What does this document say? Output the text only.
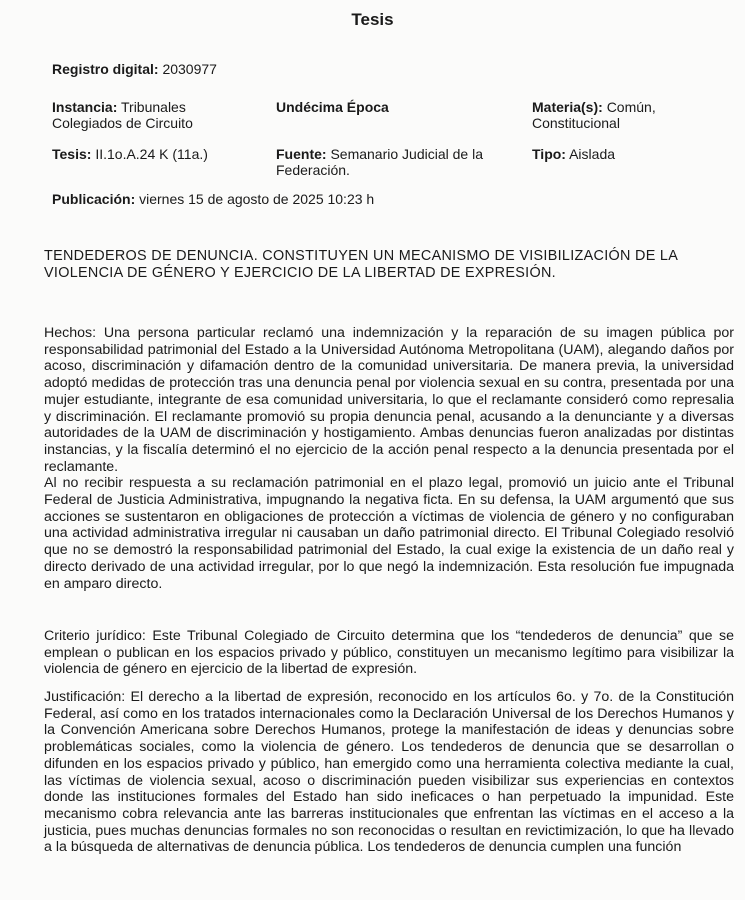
Tesis
Registro digital: 2030977
Instancia: Tribunales Colegiados de Circuito
Undécima Época	Materia(s): Común, Constitucional
Tesis: II.1o.A.24 K (11a.)	Fuente: Semanario Judicial de la Federación.
Tipo: Aislada
Publicación: viernes 15 de agosto de 2025 10:23 h
TENDEDEROS DE DENUNCIA. CONSTITUYEN UN MECANISMO DE VISIBILIZACIÓN DE LA VIOLENCIA DE GÉNERO Y EJERCICIO DE LA LIBERTAD DE EXPRESIÓN.

Hechos: Una persona particular reclamó una indemnización y la reparación de su imagen pública por responsabilidad patrimonial del Estado a la Universidad Autónoma Metropolitana (UAM), alegando daños por acoso, discriminación y difamación dentro de la comunidad universitaria. De manera previa, la universidad adoptó medidas de protección tras una denuncia penal por violencia sexual en su contra, presentada por una mujer estudiante, integrante de esa comunidad universitaria, lo que el reclamante consideró como represalia y discriminación. El reclamante promovió su propia denuncia penal, acusando a la denunciante y a diversas autoridades de la UAM de discriminación y hostigamiento. Ambas denuncias fueron analizadas por distintas instancias, y la fiscalía determinó el no ejercicio de la acción penal respecto a la denuncia presentada por el reclamante.
Al no recibir respuesta a su reclamación patrimonial en el plazo legal, promovió un juicio ante el Tribunal Federal de Justicia Administrativa, impugnando la negativa ficta. En su defensa, la UAM argumentó que sus acciones se sustentaron en obligaciones de protección a víctimas de violencia de género y no configuraban una actividad administrativa irregular ni causaban un daño patrimonial directo. El Tribunal Colegiado resolvió que no se demostró la responsabilidad patrimonial del Estado, la cual exige la existencia de un daño real y directo derivado de una actividad irregular, por lo que negó la indemnización. Esta resolución fue impugnada en amparo directo.

Criterio jurídico: Este Tribunal Colegiado de Circuito determina que los “tendederos de denuncia” que se emplean o publican en los espacios privado y público, constituyen un mecanismo legítimo para visibilizar la violencia de género en ejercicio de la libertad de expresión.

Justificación: El derecho a la libertad de expresión, reconocido en los artículos 6o. y 7o. de la Constitución Federal, así como en los tratados internacionales como la Declaración Universal de los Derechos Humanos y la Convención Americana sobre Derechos Humanos, protege la manifestación de ideas y denuncias sobre problemáticas sociales, como la violencia de género. Los tendederos de denuncia que se desarrollan o difunden en los espacios privado y público, han emergido como una herramienta colectiva mediante la cual, las víctimas de violencia sexual, acoso o discriminación pueden visibilizar sus experiencias en contextos donde las instituciones formales del Estado han sido ineficaces o han perpetuado la impunidad. Este mecanismo cobra relevancia ante las barreras institucionales que enfrentan las víctimas en el acceso a la justicia, pues muchas denuncias formales no son reconocidas o resultan en revictimización, lo que ha llevado a la búsqueda de alternativas de denuncia pública. Los tendederos de denuncia cumplen una función
